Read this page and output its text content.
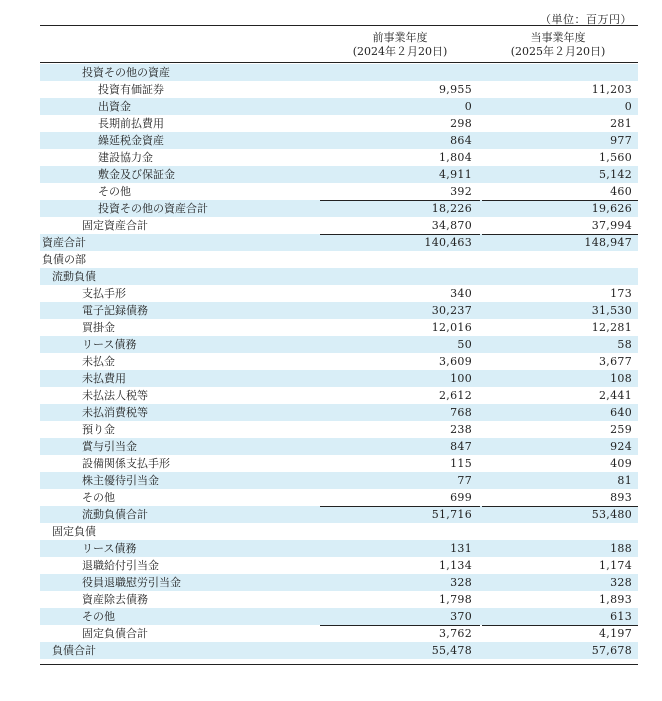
（単位：百万円）
前事業年度
(2024年２月20日)
当事業年度
(2025年２月20日)
投資その他の資産
投資有価証券	9,955	11,203
出資金	0	0
長期前払費用	298	281
繰延税金資産	864	977
建設協力金	1,804	1,560
敷金及び保証金	4,911	5,142
その他	392	460
投資その他の資産合計	18,226	19,626
固定資産合計	34,870	37,994
資産合計	140,463	148,947
負債の部
流動負債
支払手形	340	173
電子記録債務	30,237	31,530
買掛金	12,016	12,281
リース債務	50	58
未払金	3,609	3,677
未払費用	100	108
未払法人税等	2,612	2,441
未払消費税等	768	640
預り金	238	259
賞与引当金	847	924
設備関係支払手形	115	409
株主優待引当金	77	81
その他	699	893
流動負債合計	51,716	53,480
固定負債
リース債務	131	188
退職給付引当金	1,134	1,174
役員退職慰労引当金	328	328
資産除去債務	1,798	1,893
その他	370	613
固定負債合計	3,762	4,197
負債合計	55,478	57,678
